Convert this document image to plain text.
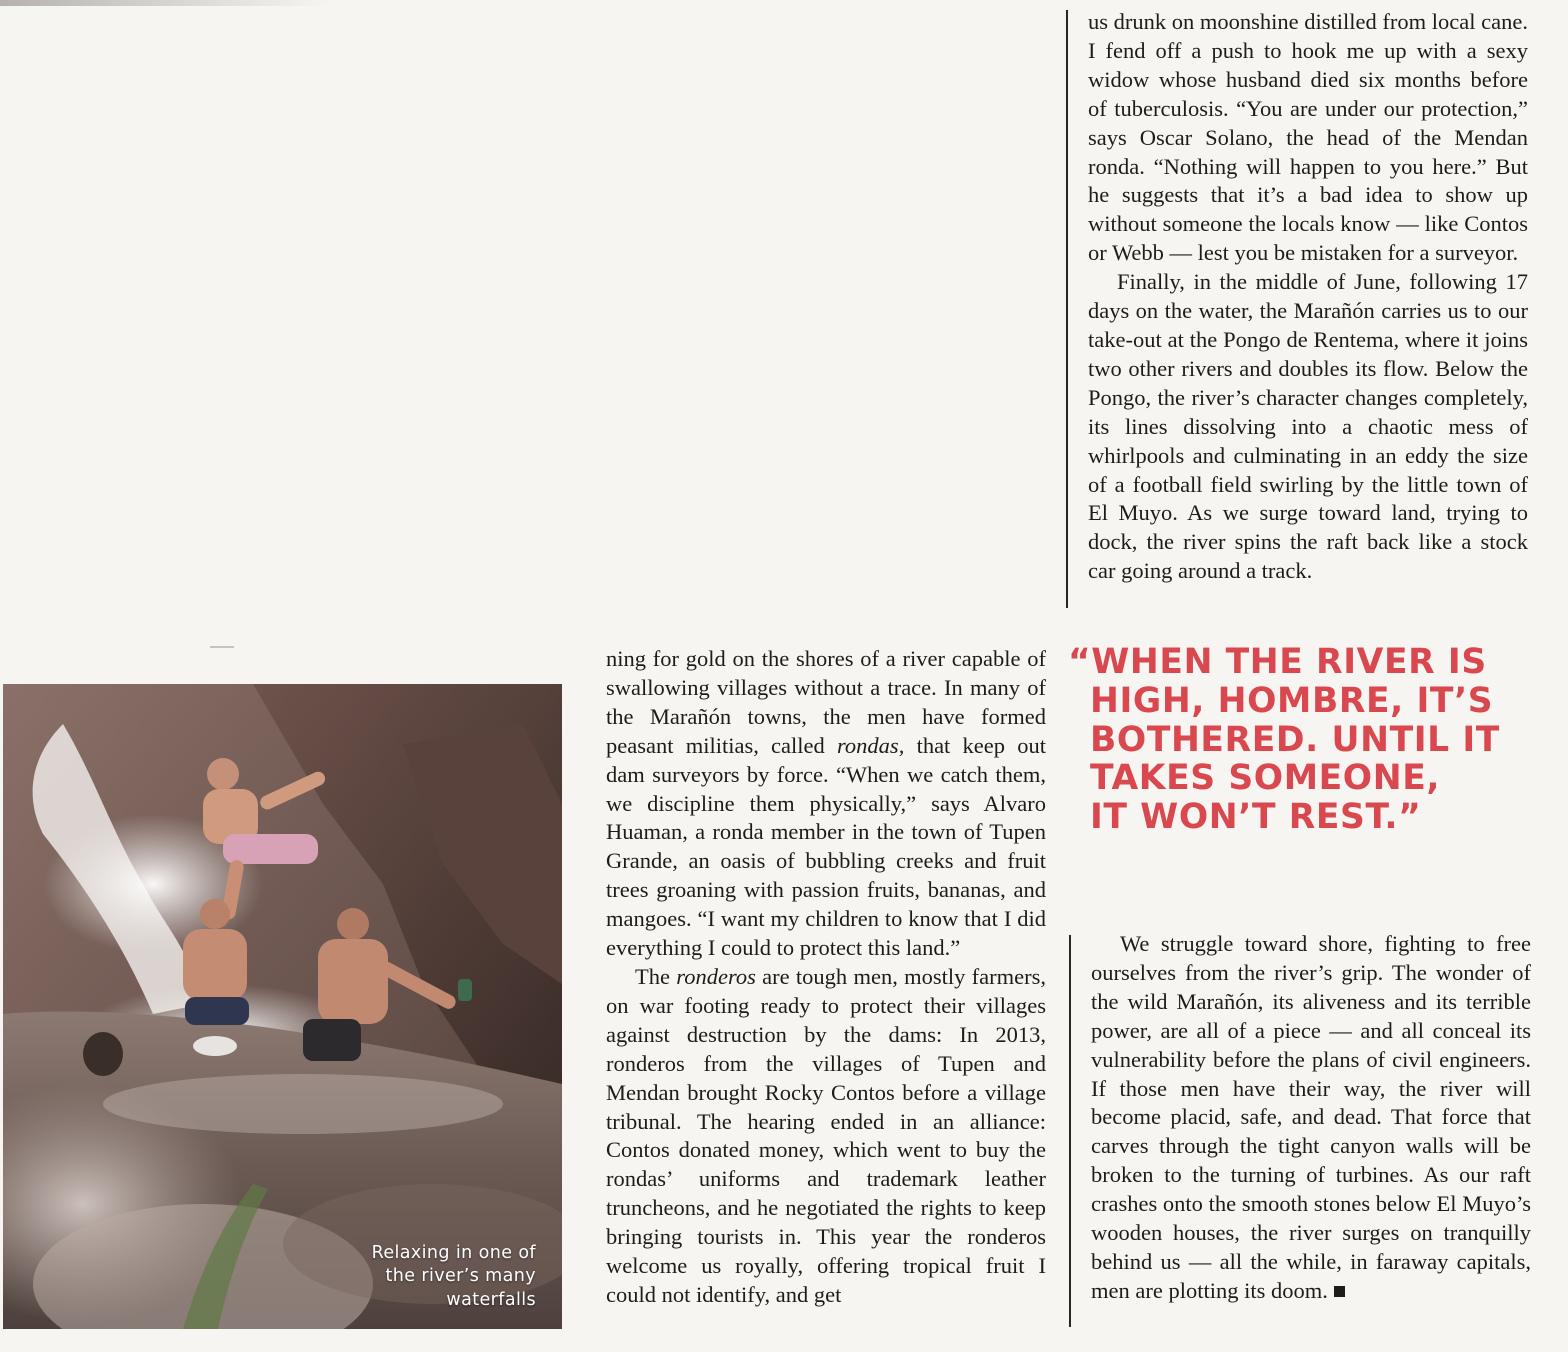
us drunk on moonshine distilled from local cane. I fend off a push to hook me up with a sexy widow whose husband died six months before of tuberculosis. “You are under our protection,” says Oscar Solano, the head of the Mendan ronda. “Nothing will happen to you here.” But he suggests that it’s a bad idea to show up without someone the locals know — like Contos or Webb — lest you be mistaken for a surveyor.

Finally, in the middle of June, following 17 days on the water, the Marañón carries us to our take-out at the Pongo de Rentema, where it joins two other rivers and doubles its flow. Below the Pongo, the river’s character changes completely, its lines dissolving into a chaotic mess of whirlpools and culminating in an eddy the size of a football field swirling by the little town of El Muyo. As we surge toward land, trying to dock, the river spins the raft back like a stock car going around a track.

Relaxing in one of the river’s many waterfalls

ning for gold on the shores of a river capable of swallowing villages without a trace. In many of the Marañón towns, the men have formed peasant militias, called rondas, that keep out dam surveyors by force. “When we catch them, we discipline them physically,” says Alvaro Huaman, a ronda member in the town of Tupen Grande, an oasis of bubbling creeks and fruit trees groaning with passion fruits, bananas, and mangoes. “I want my children to know that I did everything I could to protect this land.”

The ronderos are tough men, mostly farmers, on war footing ready to protect their villages against destruction by the dams: In 2013, ronderos from the villages of Tupen and Mendan brought Rocky Contos before a village tribunal. The hearing ended in an alliance: Contos donated money, which went to buy the rondas’ uniforms and trademark leather truncheons, and he negotiated the rights to keep bringing tourists in. This year the ronderos welcome us royally, offering tropical fruit I could not identify, and get

“WHEN THE RIVER IS
HIGH, HOMBRE, IT’S
BOTHERED. UNTIL IT
TAKES SOMEONE,
IT WON’T REST.”

We struggle toward shore, fighting to free ourselves from the river’s grip. The wonder of the wild Marañón, its aliveness and its terrible power, are all of a piece — and all conceal its vulnerability before the plans of civil engineers. If those men have their way, the river will become placid, safe, and dead. That force that carves through the tight canyon walls will be broken to the turning of turbines. As our raft crashes onto the smooth stones below El Muyo’s wooden houses, the river surges on tranquilly behind us — all the while, in faraway capitals, men are plotting its doom.
